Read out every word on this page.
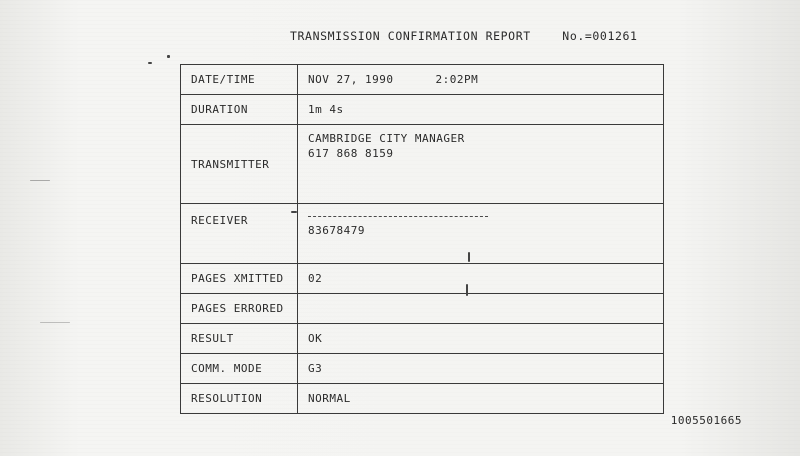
TRANSMISSION CONFIRMATION REPORT	No.=001261
DATE/TIME	NOV 27, 1990 2:02PM
DURATION	1m 4s
TRANSMITTER	CAMBRIDGE CITY MANAGER
617 868 8159

RECEIVER	83678479

PAGES XMITTED	02
PAGES ERRORED	
RESULT	OK
COMM. MODE	G3
RESOLUTION	NORMAL
1005501665
